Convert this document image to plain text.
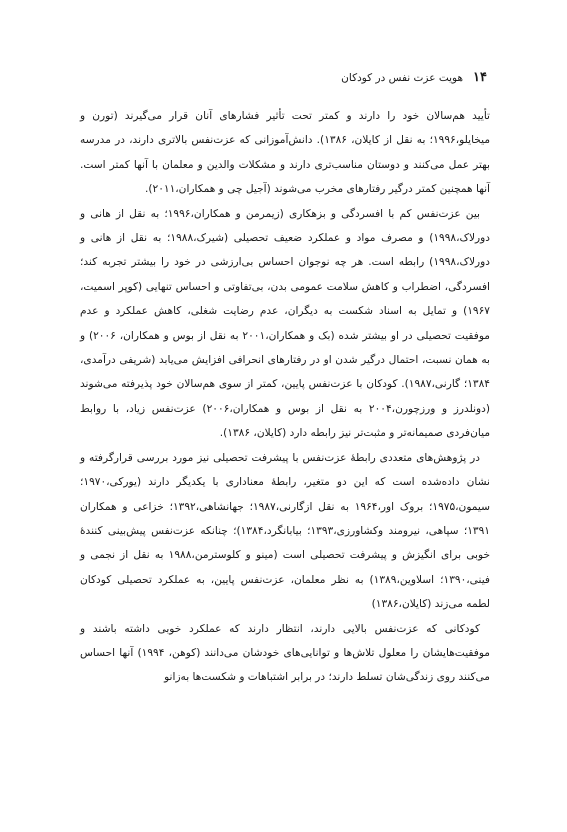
۱۴
هویت عزت نفس در کودکان

تأیید هم‌سالان خود را دارند و کمتر تحت تأثیر فشارهای آنان قرار می‌گیرند (تورن و میخایلو،۱۹۹۶؛ به نقل از کایلان، ۱۳۸۶). دانش‌آموزانی که عزت‌نفس بالاتری دارند، در مدرسه بهتر عمل می‌کنند و دوستان مناسب‌تری دارند و مشکلات والدین و معلمان با آنها کمتر است. آنها همچنین کمتر درگیر رفتارهای مخرب می‌شوند (آجیل چی و همکاران،۲۰۱۱).

بین عزت‌نفس کم با افسردگی و بزهکاری (زیمرمن و همکاران،۱۹۹۶؛ به نقل از هانی و دورلاک،۱۹۹۸) و مصرف مواد و عملکرد ضعیف تحصیلی (شیرک،۱۹۸۸؛ به نقل از هانی و دورلاک،۱۹۹۸) رابطه است. هر چه نوجوان احساس بی‌ارزشی در خود را بیشتر تجربه کند؛ افسردگی، اضطراب و کاهش سلامت عمومی بدن، بی‌تفاوتی و احساس تنهایی (کوپر اسمیت، ۱۹۶۷) و تمایل به اسناد شکست به دیگران، عدم رضایت شغلی، کاهش عملکرد و عدم موفقیت تحصیلی در او بیشتر شده (بک و همکاران،۲۰۰۱ به نقل از بوس و همکاران، ۲۰۰۶) و به همان نسبت، احتمال درگیر شدن او در رفتارهای انحرافی افزایش می‌یابد (شریفی درآمدی، ۱۳۸۴؛ گارنی،۱۹۸۷). کودکان با عزت‌نفس پایین، کمتر از سوی هم‌سالان خود پذیرفته می‌شوند (دونلدرز و ورزچورن،۲۰۰۴ به نقل از بوس و همکاران،۲۰۰۶) عزت‌نفس زیاد، با روابط میان‌فردی صمیمانه‌تر و مثبت‌تر نیز رابطه دارد (کایلان، ۱۳۸۶).

در پژوهش‌های متعددی رابطهٔ عزت‌نفس با پیشرفت تحصیلی نیز مورد بررسی قرارگرفته و نشان داده‌شده است که این دو متغیر، رابطهٔ معناداری با یکدیگر دارند (یورکی،۱۹۷۰؛ سیمون،۱۹۷۵؛ بروک اور،۱۹۶۴ به نقل ازگارنی،۱۹۸۷؛ جهانشاهی،۱۳۹۲؛ خزاعی و همکاران ۱۳۹۱؛ سپاهی، نیرومند وکشاورزی،۱۳۹۳؛ بیابانگرد،۱۳۸۴)؛ چنانکه عزت‌نفس پیش‌بینی کنندهٔ خوبی برای انگیزش و پیشرفت تحصیلی است (مینو و کلوسترمن،۱۹۸۸ به نقل از نجمی و فینی،۱۳۹۰؛ اسلاوین،۱۳۸۹) به نظر معلمان، عزت‌نفس پایین، به عملکرد تحصیلی کودکان لطمه می‌زند (کایلان،۱۳۸۶)

کودکانی که عزت‌نفس بالایی دارند، انتظار دارند که عملکرد خوبی داشته باشند و موفقیت‌هایشان را معلول تلاش‌ها و توانایی‌های خودشان می‌دانند (کوهن، ۱۹۹۴) آنها احساس می‌کنند روی زندگی‌شان تسلط دارند؛ در برابر اشتباهات و شکست‌ها به‌زانو
